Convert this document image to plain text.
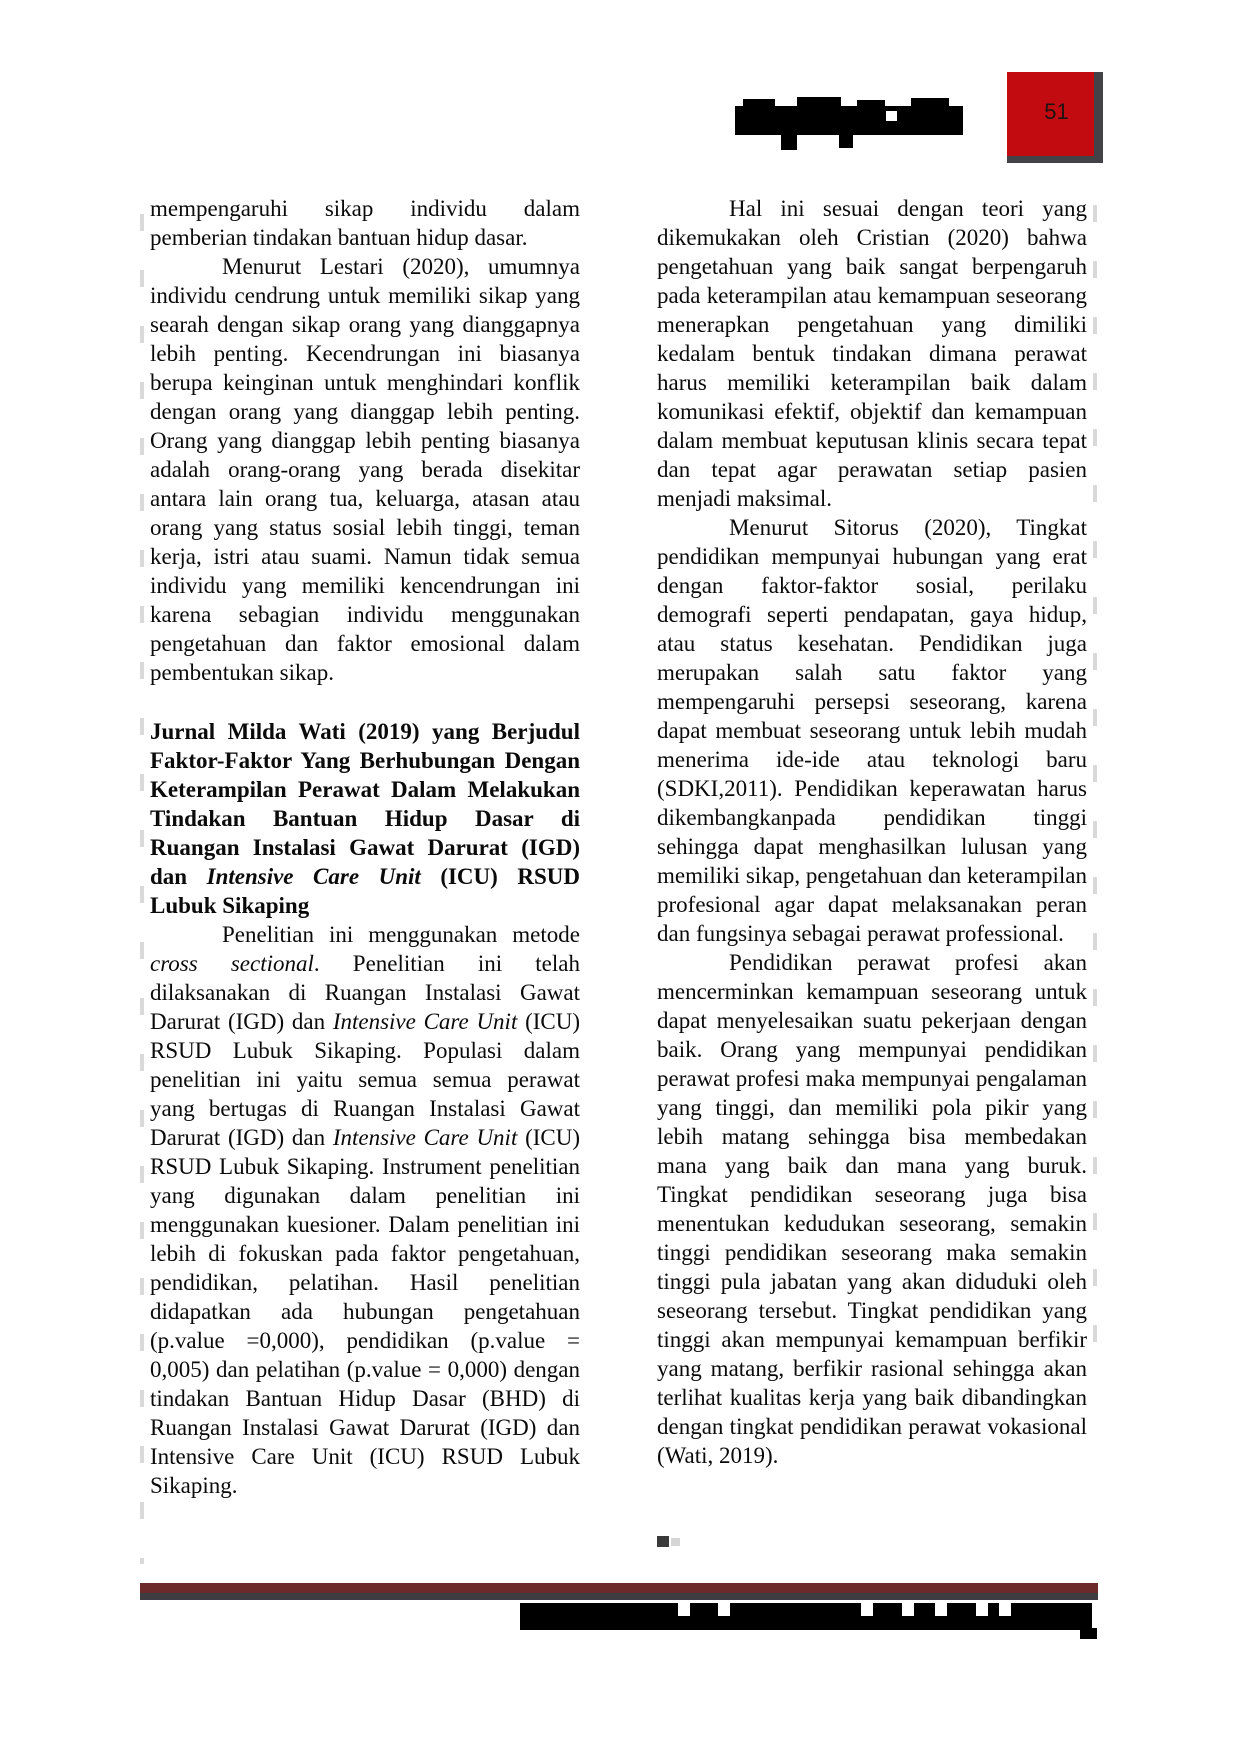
51

mempengaruhi sikap individu dalam pemberian tindakan bantuan hidup dasar.

Menurut Lestari (2020), umumnya individu cendrung untuk memiliki sikap yang searah dengan sikap orang yang dianggapnya lebih penting. Kecendrungan ini biasanya berupa keinginan untuk menghindari konflik dengan orang yang dianggap lebih penting. Orang yang dianggap lebih penting biasanya adalah orang-orang yang berada disekitar antara lain orang tua, keluarga, atasan atau orang yang status sosial lebih tinggi, teman kerja, istri atau suami. Namun tidak semua individu yang memiliki kencendrungan ini karena sebagian individu menggunakan pengetahuan dan faktor emosional dalam pembentukan sikap.

Jurnal Milda Wati (2019) yang Berjudul Faktor-Faktor Yang Berhubungan Dengan Keterampilan Perawat Dalam Melakukan Tindakan Bantuan Hidup Dasar di Ruangan Instalasi Gawat Darurat (IGD) dan Intensive Care Unit (ICU) RSUD Lubuk Sikaping

Penelitian ini menggunakan metode cross sectional. Penelitian ini telah dilaksanakan di Ruangan Instalasi Gawat Darurat (IGD) dan Intensive Care Unit (ICU) RSUD Lubuk Sikaping. Populasi dalam penelitian ini yaitu semua semua perawat yang bertugas di Ruangan Instalasi Gawat Darurat (IGD) dan Intensive Care Unit (ICU) RSUD Lubuk Sikaping. Instrument penelitian yang digunakan dalam penelitian ini menggunakan kuesioner. Dalam penelitian ini lebih di fokuskan pada faktor pengetahuan, pendidikan, pelatihan. Hasil penelitian didapatkan ada hubungan pengetahuan (p.value =0,000), pendidikan (p.value = 0,005) dan pelatihan (p.value = 0,000) dengan tindakan Bantuan Hidup Dasar (BHD) di Ruangan Instalasi Gawat Darurat (IGD) dan Intensive Care Unit (ICU) RSUD Lubuk Sikaping.

Hal ini sesuai dengan teori yang dikemukakan oleh Cristian (2020) bahwa pengetahuan yang baik sangat berpengaruh pada keterampilan atau kemampuan seseorang menerapkan pengetahuan yang dimiliki kedalam bentuk tindakan dimana perawat harus memiliki keterampilan baik dalam komunikasi efektif, objektif dan kemampuan dalam membuat keputusan klinis secara tepat dan tepat agar perawatan setiap pasien menjadi maksimal.

Menurut Sitorus (2020), Tingkat pendidikan mempunyai hubungan yang erat dengan faktor-faktor sosial, perilaku demografi seperti pendapatan, gaya hidup, atau status kesehatan. Pendidikan juga merupakan salah satu faktor yang mempengaruhi persepsi seseorang, karena dapat membuat seseorang untuk lebih mudah menerima ide-ide atau teknologi baru (SDKI,2011). Pendidikan keperawatan harus dikembangkanpada pendidikan tinggi sehingga dapat menghasilkan lulusan yang memiliki sikap, pengetahuan dan keterampilan profesional agar dapat melaksanakan peran dan fungsinya sebagai perawat professional.

Pendidikan perawat profesi akan mencerminkan kemampuan seseorang untuk dapat menyelesaikan suatu pekerjaan dengan baik. Orang yang mempunyai pendidikan perawat profesi maka mempunyai pengalaman yang tinggi, dan memiliki pola pikir yang lebih matang sehingga bisa membedakan mana yang baik dan mana yang buruk. Tingkat pendidikan seseorang juga bisa menentukan kedudukan seseorang, semakin tinggi pendidikan seseorang maka semakin tinggi pula jabatan yang akan diduduki oleh seseorang tersebut. Tingkat pendidikan yang tinggi akan mempunyai kemampuan berfikir yang matang, berfikir rasional sehingga akan terlihat kualitas kerja yang baik dibandingkan dengan tingkat pendidikan perawat vokasional (Wati, 2019).
